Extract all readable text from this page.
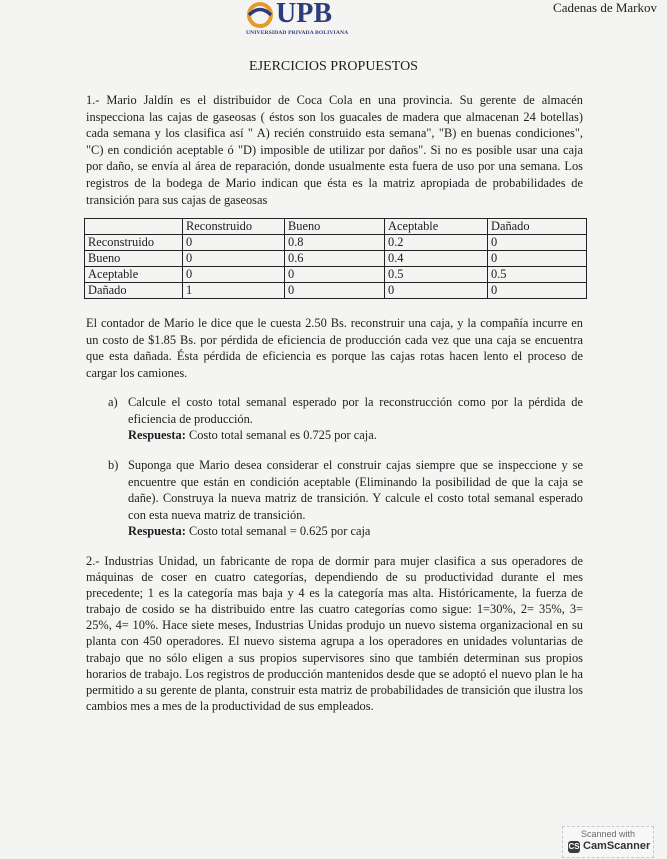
UPB
UNIVERSIDAD PRIVADA BOLIVIANA
Cadenas de Markov
EJERCICIOS PROPUESTOS
1.- Mario Jaldín es el distribuidor de Coca Cola en una provincia. Su gerente de almacén inspecciona las cajas de gaseosas ( éstos son los guacales de madera que almacenan 24 botellas) cada semana y los clasifica así " A) recién construido esta semana", "B) en buenas condiciones", "C) en condición aceptable ó "D) imposible de utilizar por daños". Si no es posible usar una caja por daño, se envía al área de reparación, donde usualmente esta fuera de uso por una semana. Los registros de la bodega de Mario indican que ésta es la matriz apropiada de probabilidades de transición para sus cajas de gaseosas
	Reconstruido	Bueno	Aceptable	Dañado
Reconstruido	0	0.8	0.2	0
Bueno	0	0.6	0.4	0
Aceptable	0	0	0.5	0.5
Dañado	1	0	0	0
El contador de Mario le dice que le cuesta 2.50 Bs. reconstruir una caja, y la compañía incurre en un costo de $1.85 Bs. por pérdida de eficiencia de producción cada vez que una caja se encuentra que esta dañada. Ésta pérdida de eficiencia es porque las cajas rotas hacen lento el proceso de cargar los camiones.
a) Calcule el costo total semanal esperado por la reconstrucción como por la pérdida de eficiencia de producción.
Respuesta: Costo total semanal es 0.725 por caja.
b) Suponga que Mario desea considerar el construir cajas siempre que se inspeccione y se encuentre que están en condición aceptable (Eliminando la posibilidad de que la caja se dañe). Construya la nueva matriz de transición. Y calcule el costo total semanal esperado con esta nueva matriz de transición.
Respuesta: Costo total semanal = 0.625 por caja
2.- Industrias Unidad, un fabricante de ropa de dormir para mujer clasifica a sus operadores de máquinas de coser en cuatro categorías, dependiendo de su productividad durante el mes precedente; 1 es la categoría mas baja y 4 es la categoría mas alta. Históricamente, la fuerza de trabajo de cosido se ha distribuido entre las cuatro categorías como sigue: 1=30%, 2= 35%, 3= 25%, 4= 10%. Hace siete meses, Industrias Unidas produjo un nuevo sistema organizacional en su planta con 450 operadores. El nuevo sistema agrupa a los operadores en unidades voluntarias de trabajo que no sólo eligen a sus propios supervisores sino que también determinan sus propios horarios de trabajo. Los registros de producción mantenidos desde que se adoptó el nuevo plan le ha permitido a su gerente de planta, construir esta matriz de probabilidades de transición que ilustra los cambios mes a mes de la productividad de sus empleados.
Scanned with
CS CamScanner
